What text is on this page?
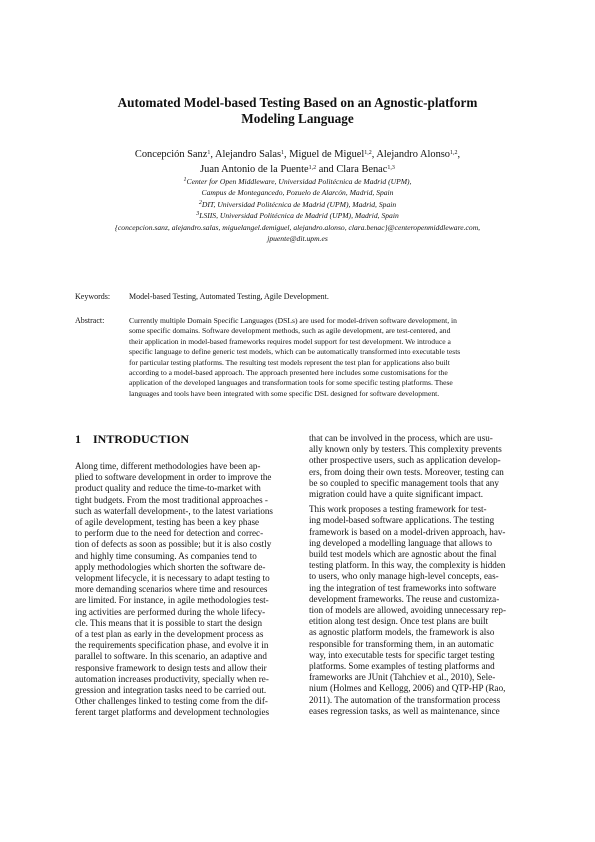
Automated Model-based Testing Based on an Agnostic-platform
Modeling Language
Concepción Sanz$^1$, Alejandro Salas$^1$, Miguel de Miguel$^{1,2}$, Alejandro Alonso$^{1,2}$,
Juan Antonio de la Puente$^{1,2}$ and Clara Benac$^{1,3}$
$^1$Center for Open Middleware, Universidad Politécnica de Madrid (UPM),
Campus de Montegancedo, Pozuelo de Alarcón, Madrid, Spain
$^2$DIT, Universidad Politécnica de Madrid (UPM), Madrid, Spain
$^3$LSIIS, Universidad Politécnica de Madrid (UPM), Madrid, Spain
{concepcion.sanz, alejandro.salas, miguelangel.demiguel, alejandro.alonso, clara.benac}@centeropenmiddleware.com,
jpuente@dit.upm.es
Keywords: Model-based Testing, Automated Testing, Agile Development.
Abstract:	Currently multiple Domain Specific Languages (DSLs) are used for model-driven software development, in
some specific domains. Software development methods, such as agile development, are test-centered, and
their application in model-based frameworks requires model support for test development. We introduce a
specific language to define generic test models, which can be automatically transformed into executable tests
for particular testing platforms. The resulting test models represent the test plan for applications also built
according to a model-based approach. The approach presented here includes some customisations for the
application of the developed languages and transformation tools for some specific testing platforms. These
languages and tools have been integrated with some specific DSL designed for software development.
1 INTRODUCTION
Along time, different methodologies have been ap-
plied to software development in order to improve the
product quality and reduce the time-to-market with
tight budgets. From the most traditional approaches -
such as waterfall development-, to the latest variations
of agile development, testing has been a key phase
to perform due to the need for detection and correc-
tion of defects as soon as possible; but it is also costly
and highly time consuming. As companies tend to
apply methodologies which shorten the software de-
velopment lifecycle, it is necessary to adapt testing to
more demanding scenarios where time and resources
are limited. For instance, in agile methodologies test-
ing activities are performed during the whole lifecy-
cle. This means that it is possible to start the design
of a test plan as early in the development process as
the requirements specification phase, and evolve it in
parallel to software. In this scenario, an adaptive and
responsive framework to design tests and allow their
automation increases productivity, specially when re-
gression and integration tasks need to be carried out.
Other challenges linked to testing come from the dif-
ferent target platforms and development technologies
that can be involved in the process, which are usu-
ally known only by testers. This complexity prevents
other prospective users, such as application develop-
ers, from doing their own tests. Moreover, testing can
be so coupled to specific management tools that any
migration could have a quite significant impact.
This work proposes a testing framework for test-
ing model-based software applications. The testing
framework is based on a model-driven approach, hav-
ing developed a modelling language that allows to
build test models which are agnostic about the final
testing platform. In this way, the complexity is hidden
to users, who only manage high-level concepts, eas-
ing the integration of test frameworks into software
development frameworks. The reuse and customiza-
tion of models are allowed, avoiding unnecessary rep-
etition along test design. Once test plans are built
as agnostic platform models, the framework is also
responsible for transforming them, in an automatic
way, into executable tests for specific target testing
platforms. Some examples of testing platforms and
frameworks are JUnit (Tahchiev et al., 2010), Sele-
nium (Holmes and Kellogg, 2006) and QTP-HP (Rao,
2011). The automation of the transformation process
eases regression tasks, as well as maintenance, since
